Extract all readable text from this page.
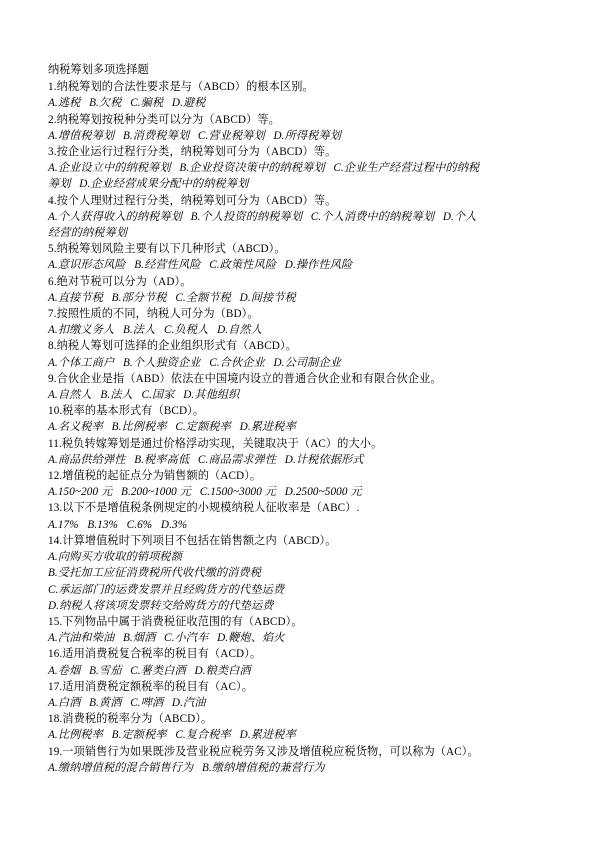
纳税筹划多项选择题
1.纳税筹划的合法性要求是与（ABCD）的根本区别。
A.逃税   B.欠税   C.骗税   D.避税
2.纳税筹划按税种分类可以分为（ABCD）等。
A.增值税筹划   B.消费税筹划   C.营业税筹划   D.所得税筹划
3.按企业运行过程行分类，纳税筹划可分为（ABCD）等。
A.企业设立中的纳税筹划   B.企业投资决策中的纳税筹划   C.企业生产经营过程中的纳税
筹划   D.企业经营成果分配中的纳税筹划
4.按个人理财过程行分类，纳税筹划可分为（ABCD）等。
A.个人获得收入的纳税筹划   B.个人投资的纳税筹划   C.个人消费中的纳税筹划   D.个人
经营的纳税筹划
5.纳税筹划风险主要有以下几种形式（ABCD）。
A.意识形态风险   B.经营性风险   C.政策性风险   D.操作性风险
6.绝对节税可以分为（AD）。
A.直接节税   B.部分节税   C.全额节税   D.间接节税
7.按照性质的不同，纳税人可分为（BD）。
A.扣缴义务人   B.法人   C.负税人   D.自然人
8.纳税人筹划可选择的企业组织形式有（ABCD）。
A.个体工商户   B.个人独资企业   C.合伙企业   D.公司制企业
9.合伙企业是指（ABD）依法在中国境内设立的普通合伙企业和有限合伙企业。
A.自然人   B.法人   C.国家   D.其他组织
10.税率的基本形式有（BCD）。
A.名义税率   B.比例税率   C.定额税率   D.累进税率
11.税负转嫁筹划是通过价格浮动实现，关键取决于（AC）的大小。
A.商品供给弹性   B.税率高低   C.商品需求弹性   D.计税依据形式
12.增值税的起征点分为销售额的（ACD）。
A.150~200 元   B.200~1000 元   C.1500~3000 元   D.2500~5000 元
13.以下不是增值税条例规定的小规模纳税人征收率是（ABC）.
A.17%   B.13%   C.6%   D.3%
14.计算增值税时下列项目不包括在销售额之内（ABCD）。
A.向购买方收取的销项税额
B.受托加工应征消费税所代收代缴的消费税
C.承运部门的运费发票并且经购货方的代垫运费
D.纳税人将该项发票转交给购货方的代垫运费
15.下列物品中属于消费税征收范围的有（ABCD）。
A.汽油和柴油   B.烟酒   C.小汽车   D.鞭炮、焰火
16.适用消费税复合税率的税目有（ACD）。
A.卷烟   B.雪茄   C.薯类白酒   D.粮类白酒
17.适用消费税定额税率的税目有（AC）。
A.白酒   B.黄酒   C.啤酒   D.汽油
18.消费税的税率分为（ABCD）。
A.比例税率   B.定额税率   C.复合税率   D.累进税率
19.一项销售行为如果既涉及营业税应税劳务又涉及增值税应税货物，可以称为（AC）。
A.缴纳增值税的混合销售行为   B.缴纳增值税的兼营行为
